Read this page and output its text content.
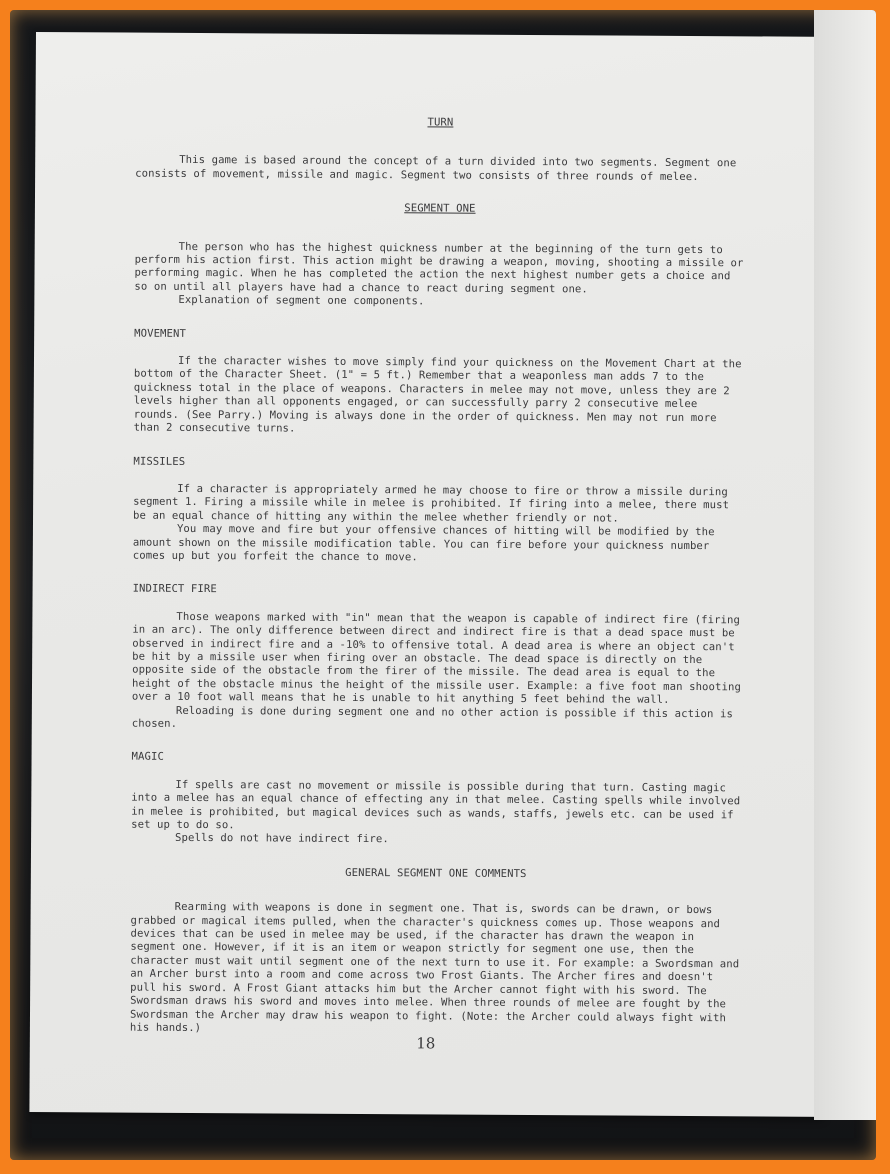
TURN

This game is based around the concept of a turn divided into two segments. Segment one consists of movement, missile and magic. Segment two consists of three rounds of melee.

SEGMENT ONE

The person who has the highest quickness number at the beginning of the turn gets to perform his action first. This action might be drawing a weapon, moving, shooting a missile or performing magic. When he has completed the action the next highest number gets a choice and so on until all players have had a chance to react during segment one.

Explanation of segment one components.

MOVEMENT

If the character wishes to move simply find your quickness on the Movement Chart at the bottom of the Character Sheet. (1" = 5 ft.) Remember that a weaponless man adds 7 to the quickness total in the place of weapons. Characters in melee may not move, unless they are 2 levels higher than all opponents engaged, or can successfully parry 2 consecutive melee rounds. (See Parry.) Moving is always done in the order of quickness. Men may not run more than 2 consecutive turns.

MISSILES

If a character is appropriately armed he may choose to fire or throw a missile during segment 1. Firing a missile while in melee is prohibited. If firing into a melee, there must be an equal chance of hitting any within the melee whether friendly or not.

You may move and fire but your offensive chances of hitting will be modified by the amount shown on the missile modification table. You can fire before your quickness number comes up but you forfeit the chance to move.

INDIRECT FIRE

Those weapons marked with "in" mean that the weapon is capable of indirect fire (firing in an arc). The only difference between direct and indirect fire is that a dead space must be observed in indirect fire and a -10% to offensive total. A dead area is where an object can't be hit by a missile user when firing over an obstacle. The dead space is directly on the opposite side of the obstacle from the firer of the missile. The dead area is equal to the height of the obstacle minus the height of the missile user. Example: a five foot man shooting over a 10 foot wall means that he is unable to hit anything 5 feet behind the wall.

Reloading is done during segment one and no other action is possible if this action is chosen.

MAGIC

If spells are cast no movement or missile is possible during that turn. Casting magic into a melee has an equal chance of effecting any in that melee. Casting spells while involved in melee is prohibited, but magical devices such as wands, staffs, jewels etc. can be used if set up to do so.

Spells do not have indirect fire.

GENERAL SEGMENT ONE COMMENTS

Rearming with weapons is done in segment one. That is, swords can be drawn, or bows grabbed or magical items pulled, when the character's quickness comes up. Those weapons and devices that can be used in melee may be used, if the character has drawn the weapon in segment one. However, if it is an item or weapon strictly for segment one use, then the character must wait until segment one of the next turn to use it. For example: a Swordsman and an Archer burst into a room and come across two Frost Giants. The Archer fires and doesn't pull his sword. A Frost Giant attacks him but the Archer cannot fight with his sword. The Swordsman draws his sword and moves into melee. When three rounds of melee are fought by the Swordsman the Archer may draw his weapon to fight. (Note: the Archer could always fight with his hands.)

18
